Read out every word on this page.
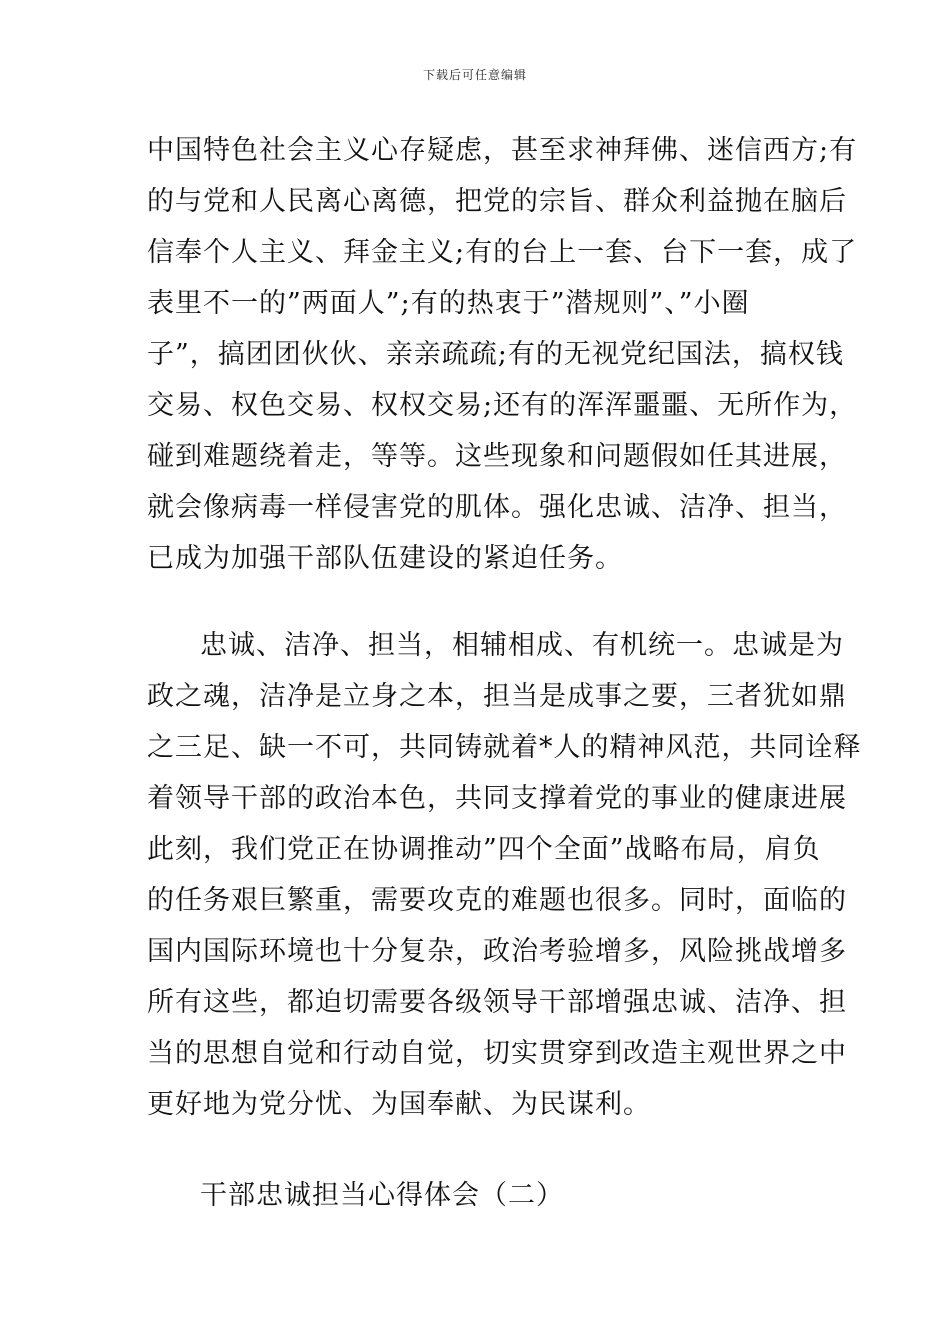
下载后可任意编辑
中国特色社会主义心存疑虑，甚至求神拜佛、迷信西方;有
的与党和人民离心离德，把党的宗旨、群众利益抛在脑后
信奉个人主义、拜金主义;有的台上一套、台下一套，成了
表里不一的”两面人”;有的热衷于”潜规则”、”小圈
子”，搞团团伙伙、亲亲疏疏;有的无视党纪国法，搞权钱
交易、权色交易、权权交易;还有的浑浑噩噩、无所作为，
碰到难题绕着走，等等。这些现象和问题假如任其进展，
就会像病毒一样侵害党的肌体。强化忠诚、洁净、担当，
已成为加强干部队伍建设的紧迫任务。
忠诚、洁净、担当，相辅相成、有机统一。忠诚是为
政之魂，洁净是立身之本，担当是成事之要，三者犹如鼎
之三足、缺一不可，共同铸就着*人的精神风范，共同诠释
着领导干部的政治本色，共同支撑着党的事业的健康进展
此刻，我们党正在协调推动”四个全面”战略布局，肩负
的任务艰巨繁重，需要攻克的难题也很多。同时，面临的
国内国际环境也十分复杂，政治考验增多，风险挑战增多
所有这些，都迫切需要各级领导干部增强忠诚、洁净、担
当的思想自觉和行动自觉，切实贯穿到改造主观世界之中
更好地为党分忧、为国奉献、为民谋利。
干部忠诚担当心得体会（二）
